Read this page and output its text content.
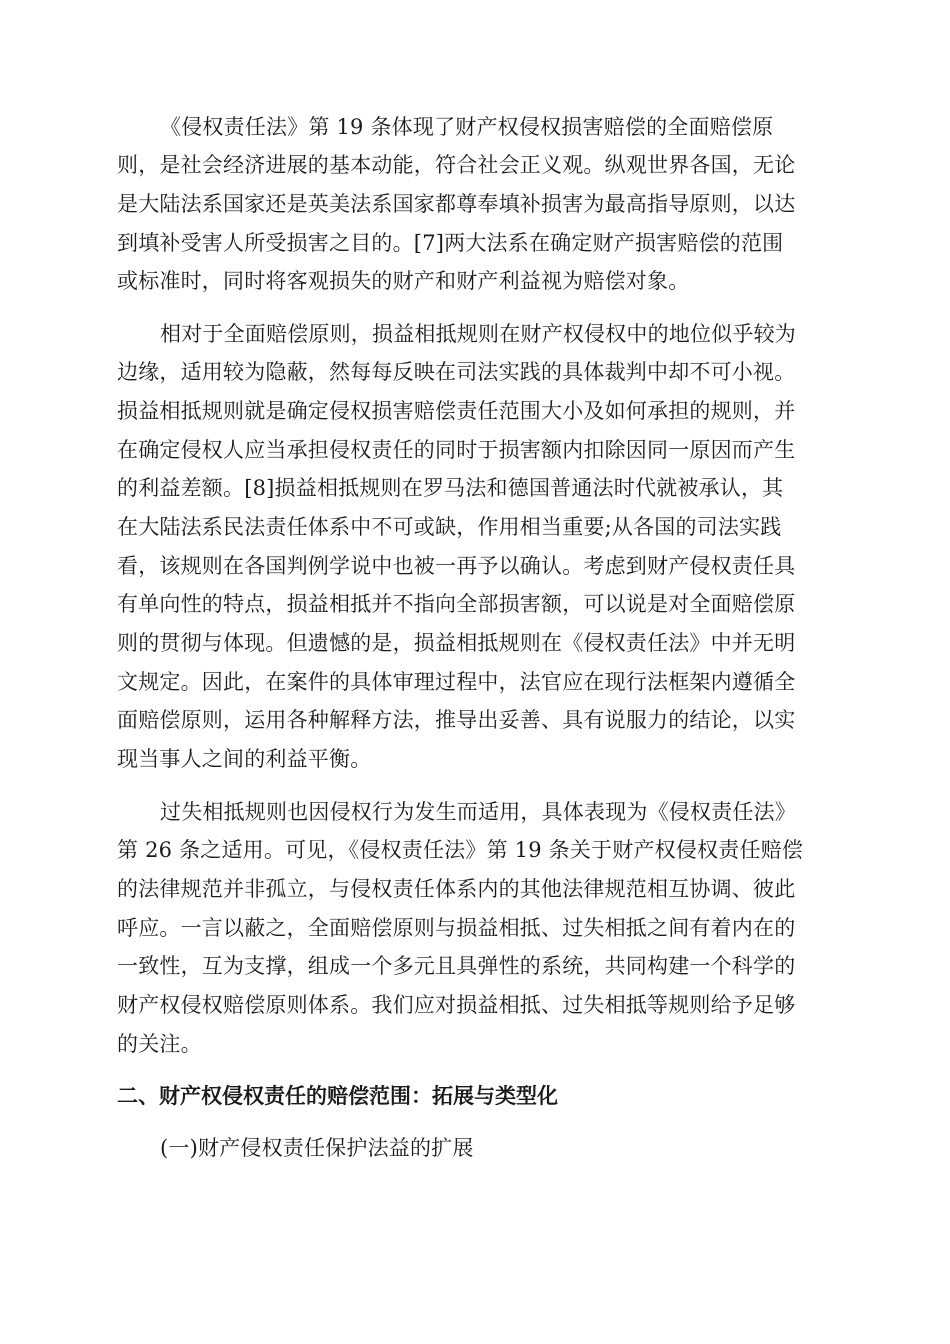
《侵权责任法》第 19 条体现了财产权侵权损害赔偿的全面赔偿原
则，是社会经济进展的基本动能，符合社会正义观。纵观世界各国，无论
是大陆法系国家还是英美法系国家都尊奉填补损害为最高指导原则，以达
到填补受害人所受损害之目的。[7]两大法系在确定财产损害赔偿的范围
或标准时，同时将客观损失的财产和财产利益视为赔偿对象。
相对于全面赔偿原则，损益相抵规则在财产权侵权中的地位似乎较为
边缘，适用较为隐蔽，然每每反映在司法实践的具体裁判中却不可小视。
损益相抵规则就是确定侵权损害赔偿责任范围大小及如何承担的规则，并
在确定侵权人应当承担侵权责任的同时于损害额内扣除因同一原因而产生
的利益差额。[8]损益相抵规则在罗马法和德国普通法时代就被承认，其
在大陆法系民法责任体系中不可或缺，作用相当重要;从各国的司法实践
看，该规则在各国判例学说中也被一再予以确认。考虑到财产侵权责任具
有单向性的特点，损益相抵并不指向全部损害额，可以说是对全面赔偿原
则的贯彻与体现。但遗憾的是，损益相抵规则在《侵权责任法》中并无明
文规定。因此，在案件的具体审理过程中，法官应在现行法框架内遵循全
面赔偿原则，运用各种解释方法，推导出妥善、具有说服力的结论，以实
现当事人之间的利益平衡。
过失相抵规则也因侵权行为发生而适用，具体表现为《侵权责任法》
第 26 条之适用。可见，《侵权责任法》第 19 条关于财产权侵权责任赔偿
的法律规范并非孤立，与侵权责任体系内的其他法律规范相互协调、彼此
呼应。一言以蔽之，全面赔偿原则与损益相抵、过失相抵之间有着内在的
一致性，互为支撑，组成一个多元且具弹性的系统，共同构建一个科学的
财产权侵权赔偿原则体系。我们应对损益相抵、过失相抵等规则给予足够
的关注。
二、财产权侵权责任的赔偿范围：拓展与类型化
(一)财产侵权责任保护法益的扩展
